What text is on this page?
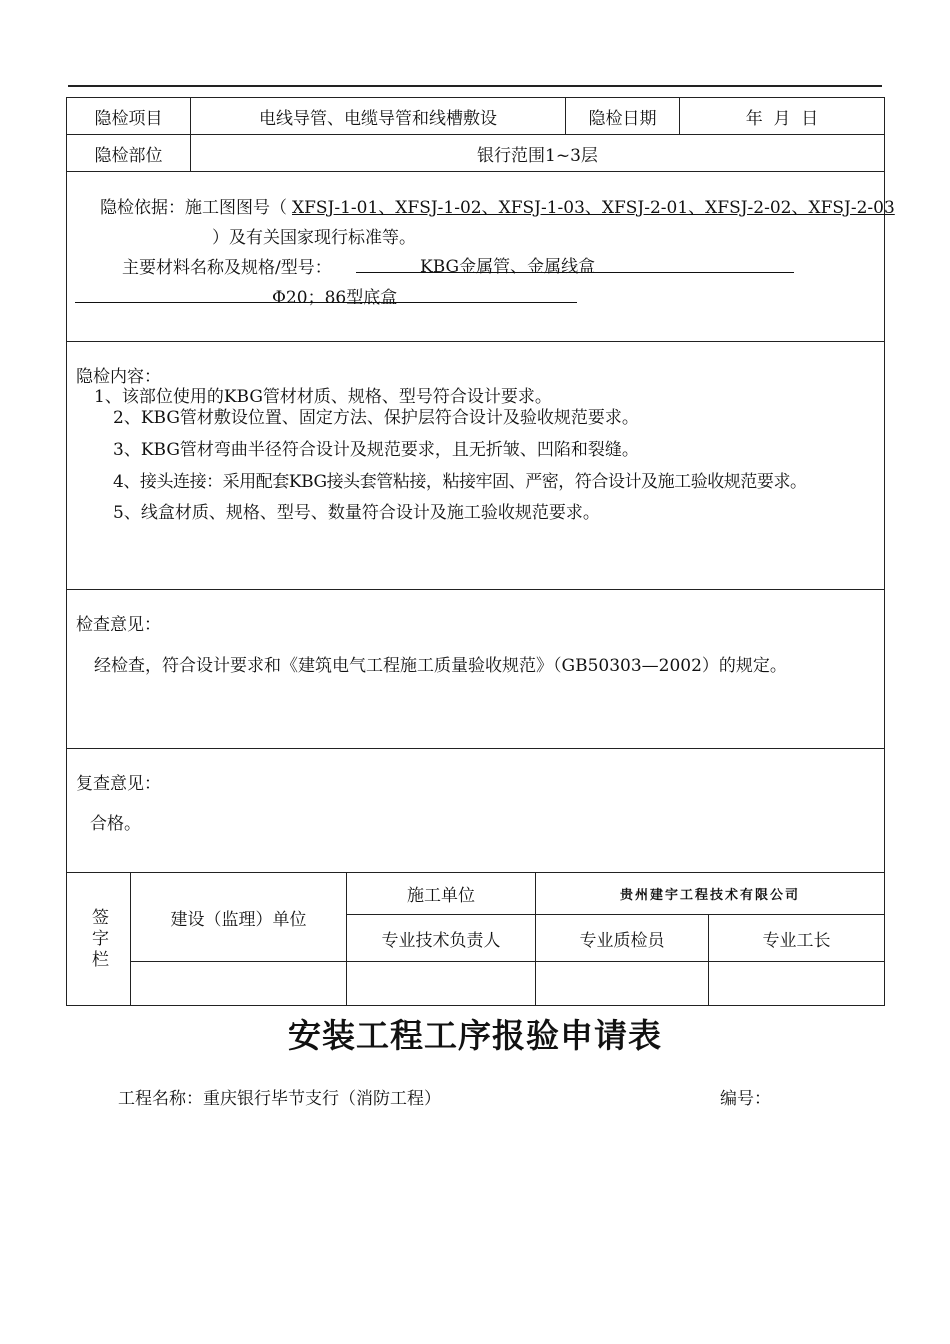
隐检项目	电线导管、电缆导管和线槽敷设	隐检日期	年  月  日
隐检部位	银行范围1~3层
隐检依据：施工图图号（ XFSJ-1-01、XFSJ-1-02、XFSJ-1-03、XFSJ-2-01、XFSJ-2-02、XFSJ-2-03
）及有关国家现行标准等。
主要材料名称及规格/型号：	KBG金属管、金属线盒
Φ20；86型底盒
隐检内容：
1、该部位使用的KBG管材材质、规格、型号符合设计要求。
2、KBG管材敷设位置、固定方法、保护层符合设计及验收规范要求。
3、KBG管材弯曲半径符合设计及规范要求，且无折皱、凹陷和裂缝。
4、接头连接：采用配套KBG接头套管粘接，粘接牢固、严密，符合设计及施工验收规范要求。
5、线盒材质、规格、型号、数量符合设计及施工验收规范要求。
检查意见：
经检查，符合设计要求和《建筑电气工程施工质量验收规范》（GB50303—2002）的规定。
复查意见：
合格。
签字栏	建设（监理）单位
施工单位	贵州建宇工程技术有限公司
专业技术负责人	专业质检员	专业工长
安装工程工序报验申请表
工程名称：重庆银行毕节支行（消防工程）	编号：
